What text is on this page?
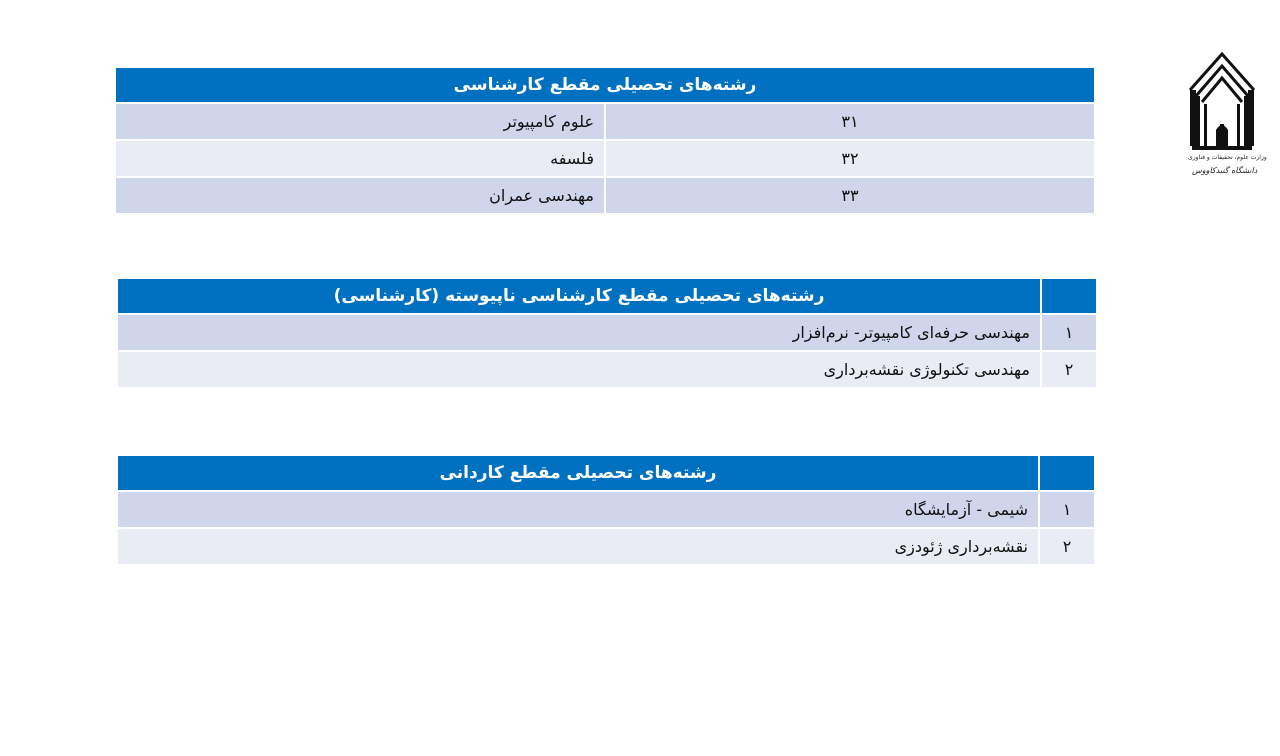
وزارت علوم، تحقیقات و فناوری
دانشگاه گنبدکاووس
رشته‌های تحصیلی مقطع کارشناسی	
۳۱	علوم کامپیوتر
۳۲	فلسفه
۳۳	مهندسی عمران
	رشته‌های تحصیلی مقطع کارشناسی ناپیوسته (کارشناسی)
۱	مهندسی حرفه‌ای کامپیوتر- نرم‌افزار
۲	مهندسی تکنولوژی نقشه‌برداری
	رشته‌های تحصیلی مقطع کاردانی
۱	شیمی - آزمایشگاه
۲	نقشه‌برداری ژئودزی
